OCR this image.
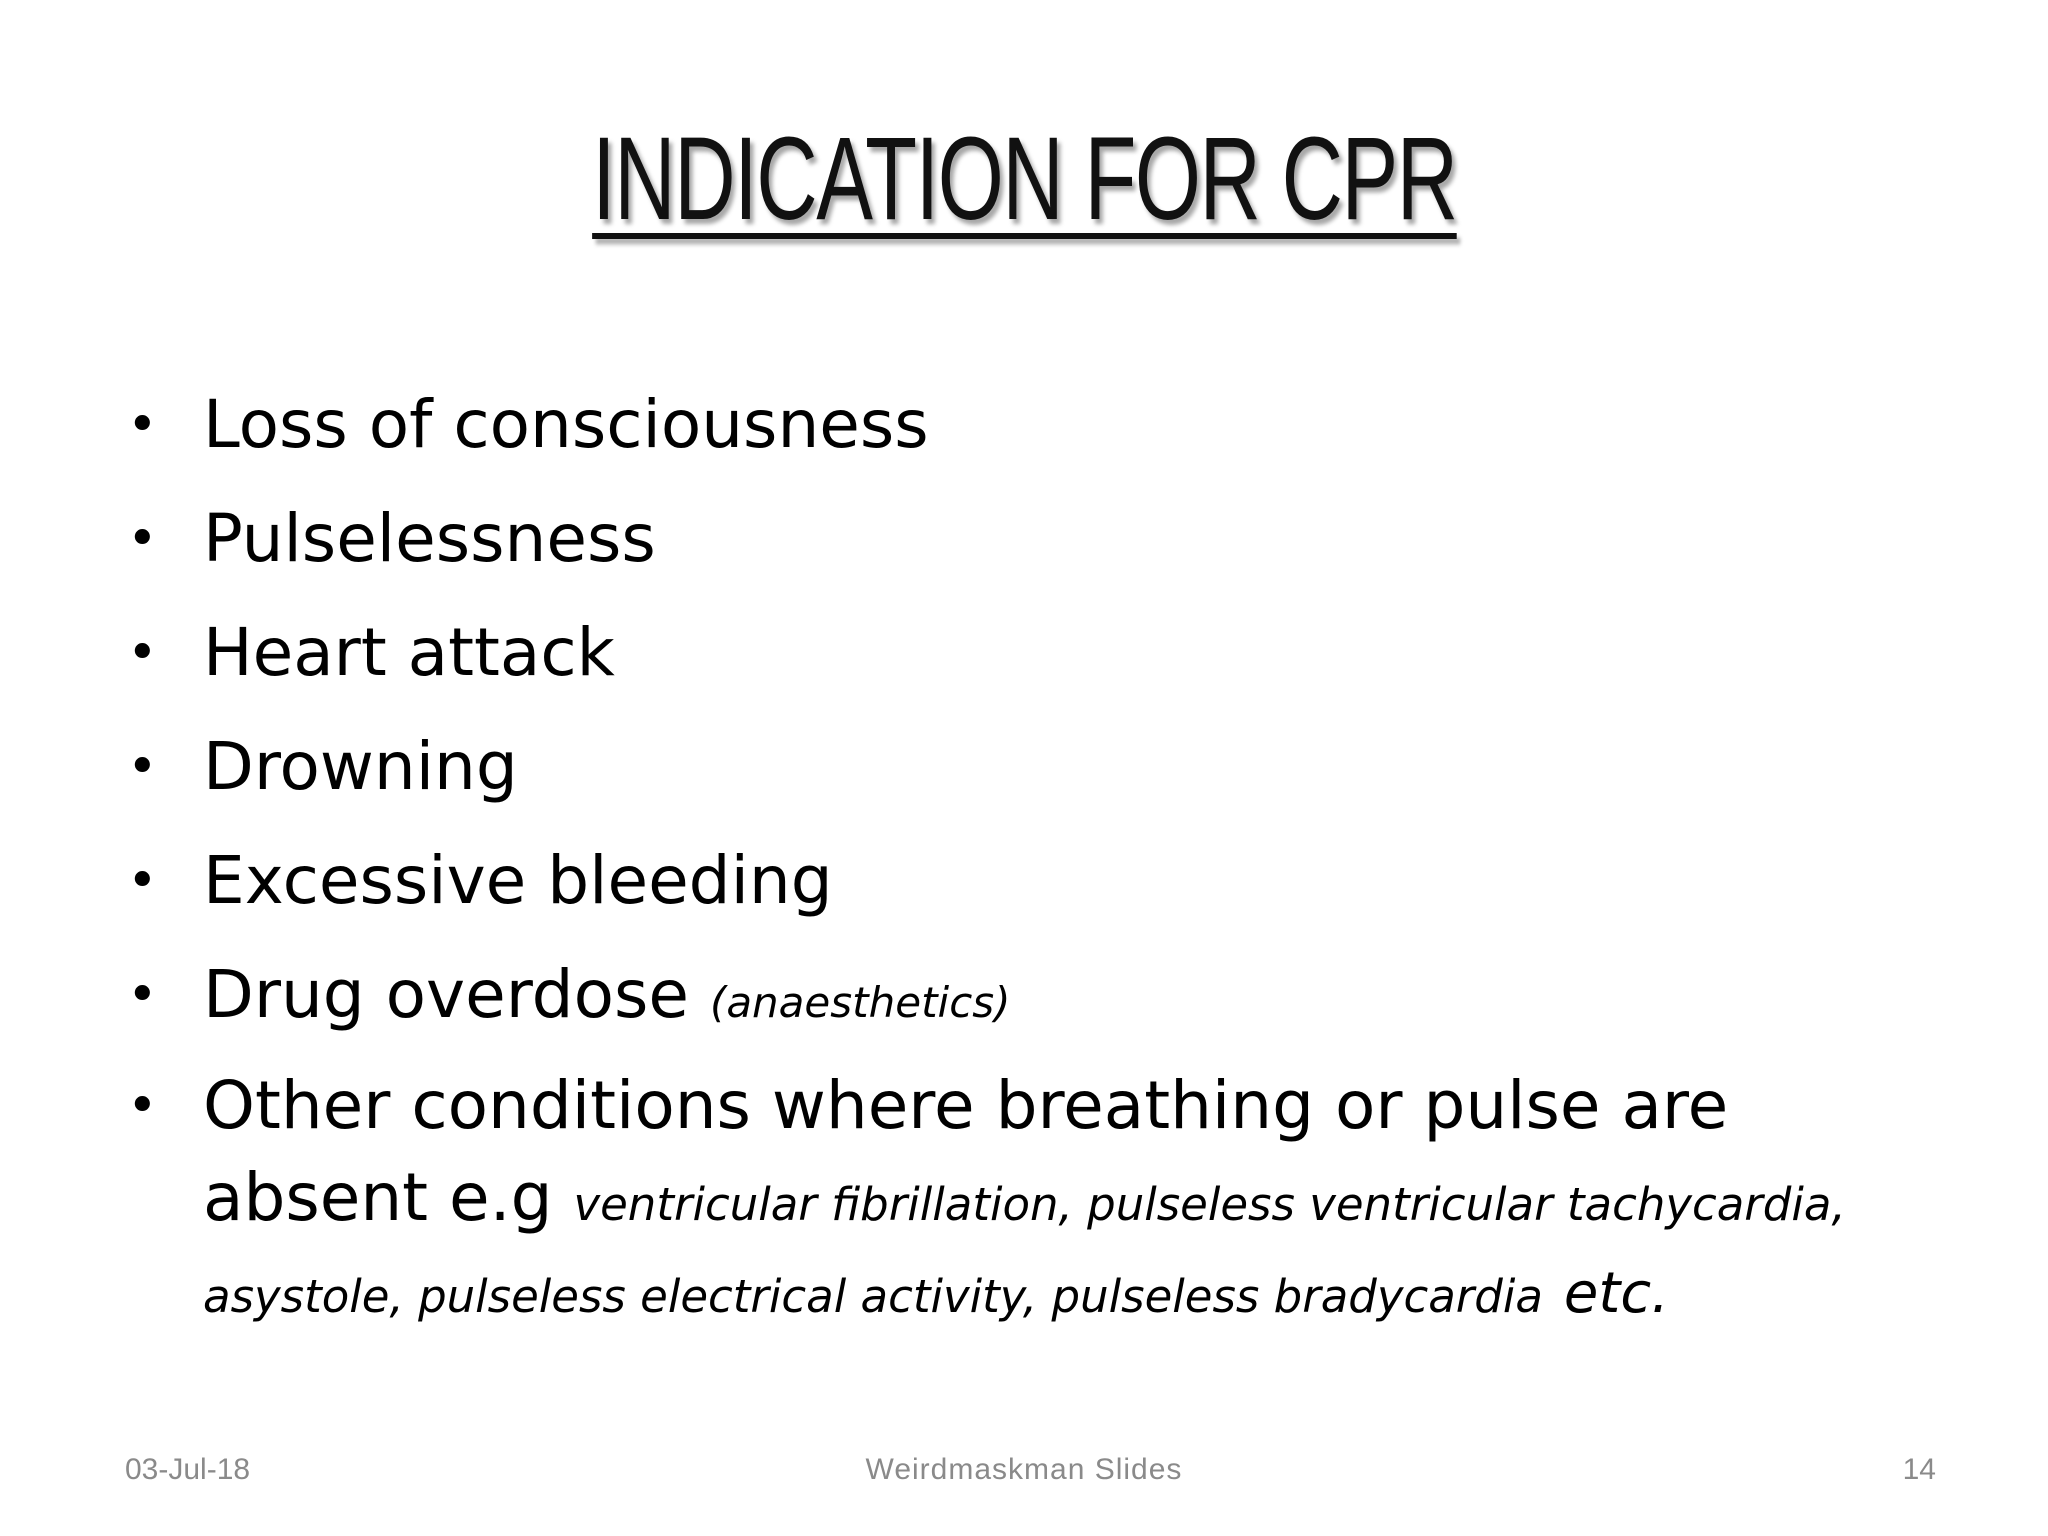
INDICATION FOR CPR
• Loss of consciousness
• Pulselessness
• Heart attack
• Drowning
• Excessive bleeding
• Drug overdose (anaesthetics)
• Other conditions where breathing or pulse are absent e.g ventricular fibrillation, pulseless ventricular tachycardia, asystole, pulseless electrical activity, pulseless bradycardia etc.
03-Jul-18	Weirdmaskman Slides	14
